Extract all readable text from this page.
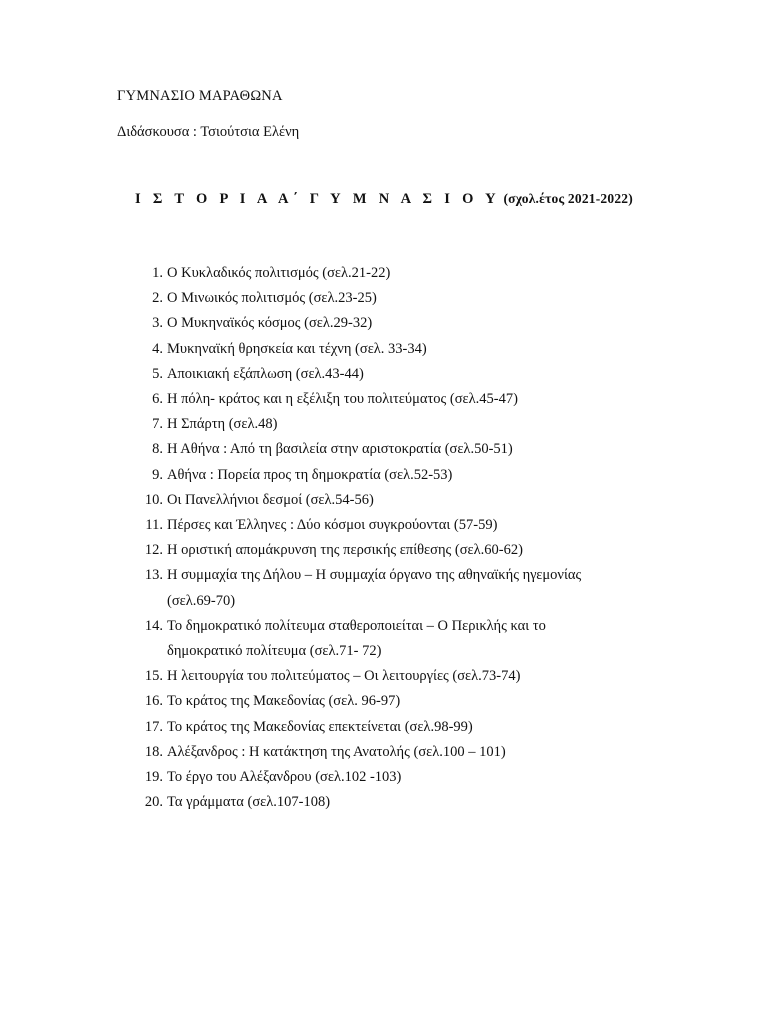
ΓΥΜΝΑΣΙΟ ΜΑΡΑΘΩΝΑ

Διδάσκουσα : Τσιούτσια Ελένη

Ι Σ Τ Ο Ρ Ι Α Α΄ Γ Υ Μ Ν Α Σ Ι Ο Υ (σχολ.έτος 2021-2022)
1. Ο Κυκλαδικός πολιτισμός (σελ.21-22)
2. Ο Μινωικός πολιτισμός (σελ.23-25)
3. Ο Μυκηναϊκός κόσμος (σελ.29-32)
4. Μυκηναϊκή θρησκεία και τέχνη (σελ. 33-34)
5. Αποικιακή εξάπλωση (σελ.43-44)
6. Η πόλη- κράτος και η εξέλιξη του πολιτεύματος (σελ.45-47)
7. Η Σπάρτη (σελ.48)
8. Η Αθήνα : Από τη βασιλεία στην αριστοκρατία (σελ.50-51)
9. Αθήνα : Πορεία προς τη δημοκρατία (σελ.52-53)
10. Οι Πανελλήνιοι δεσμοί (σελ.54-56)
11. Πέρσες και Έλληνες : Δύο κόσμοι συγκρούονται (57-59)
12. Η οριστική απομάκρυνση της περσικής επίθεσης (σελ.60-62)
13. Η συμμαχία της Δήλου – Η συμμαχία όργανο της αθηναϊκής ηγεμονίας (σελ.69-70)
14. Το δημοκρατικό πολίτευμα σταθεροποιείται – Ο Περικλής και το δημοκρατικό πολίτευμα (σελ.71- 72)
15. Η λειτουργία του πολιτεύματος – Οι λειτουργίες (σελ.73-74)
16. Το κράτος της Μακεδονίας (σελ. 96-97)
17. Το κράτος της Μακεδονίας επεκτείνεται (σελ.98-99)
18. Αλέξανδρος : Η κατάκτηση της Ανατολής (σελ.100 – 101)
19. Το έργο του Αλέξανδρου (σελ.102 -103)
20. Τα γράμματα (σελ.107-108)
